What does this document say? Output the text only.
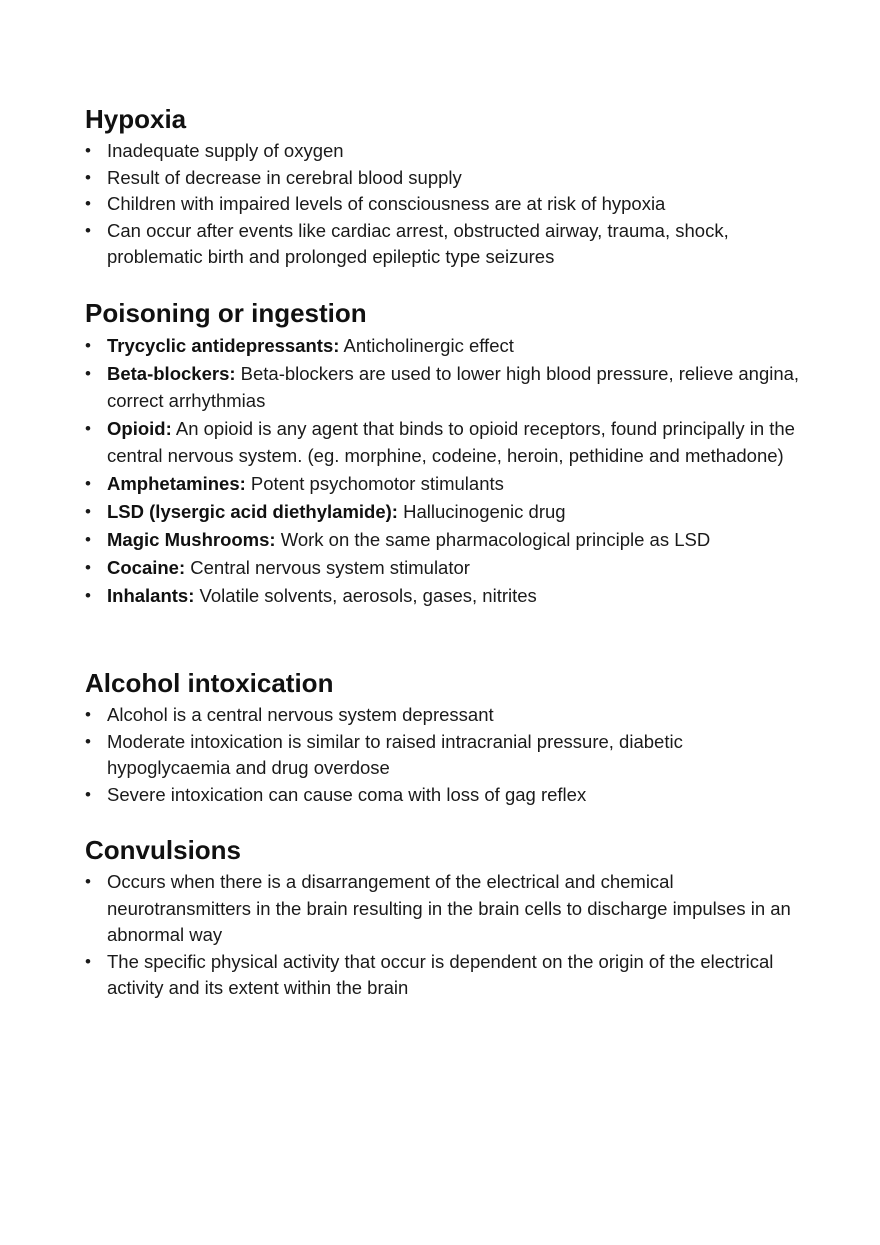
Hypoxia
• Inadequate supply of oxygen
• Result of decrease in cerebral blood supply
• Children with impaired levels of consciousness are at risk of hypoxia
• Can occur after events like cardiac arrest, obstructed airway, trauma, shock, problematic birth and prolonged epileptic type seizures
Poisoning or ingestion
• Trycyclic antidepressants: Anticholinergic effect
• Beta-blockers: Beta-blockers are used to lower high blood pressure, relieve angina, correct arrhythmias
• Opioid: An opioid is any agent that binds to opioid receptors, found principally in the central nervous system. (eg. morphine, codeine, heroin, pethidine and methadone)
• Amphetamines: Potent psychomotor stimulants
• LSD (lysergic acid diethylamide): Hallucinogenic drug
• Magic Mushrooms: Work on the same pharmacological principle as LSD
• Cocaine: Central nervous system stimulator
• Inhalants: Volatile solvents, aerosols, gases, nitrites
Alcohol intoxication
• Alcohol is a central nervous system depressant
• Moderate intoxication is similar to raised intracranial pressure, diabetic hypoglycaemia and drug overdose
• Severe intoxication can cause coma with loss of gag reflex
Convulsions
• Occurs when there is a disarrangement of the electrical and chemical neurotransmitters in the brain resulting in the brain cells to discharge impulses in an abnormal way
• The specific physical activity that occur is dependent on the origin of the electrical activity and its extent within the brain
